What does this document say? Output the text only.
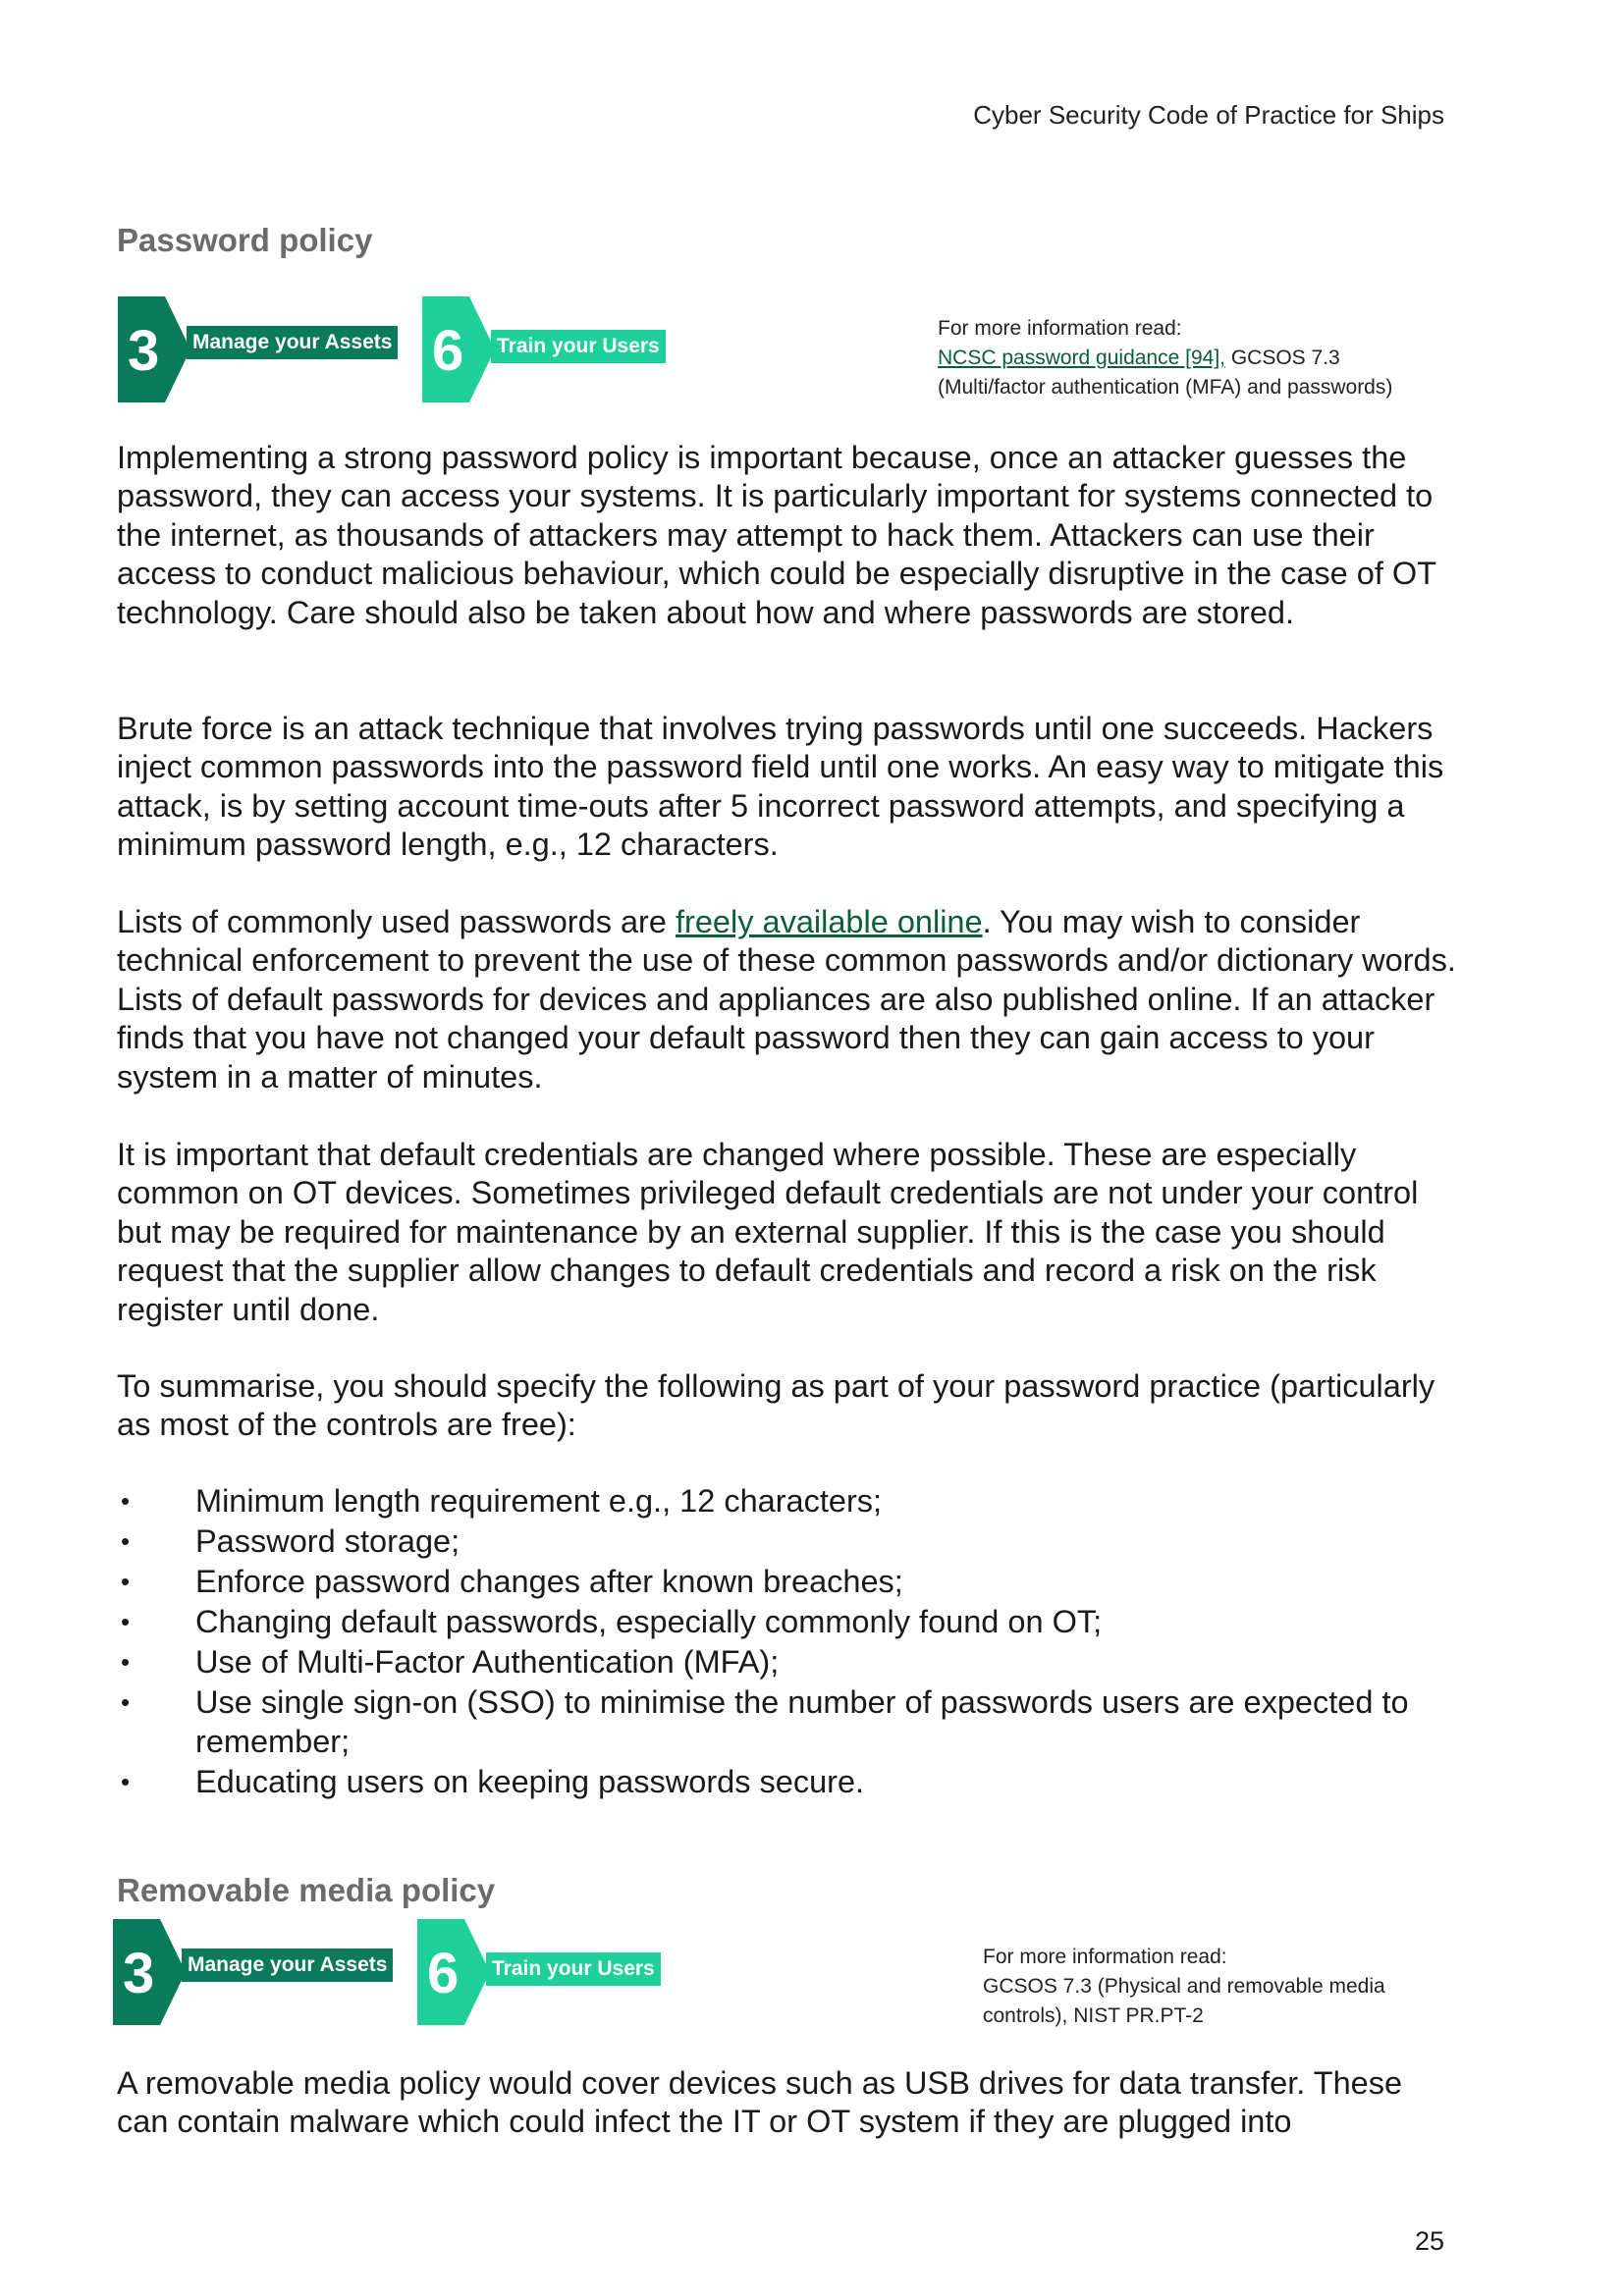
Cyber Security Code of Practice for Ships
Password policy
3 Manage your Assets 6 Train your Users
For more information read:
NCSC password guidance [94], GCSOS 7.3
(Multi/factor authentication (MFA) and passwords)

Implementing a strong password policy is important because, once an attacker guesses the password, they can access your systems. It is particularly important for systems connected to the internet, as thousands of attackers may attempt to hack them. Attackers can use their access to conduct malicious behaviour, which could be especially disruptive in the case of OT technology. Care should also be taken about how and where passwords are stored.

Brute force is an attack technique that involves trying passwords until one succeeds. Hackers inject common passwords into the password field until one works. An easy way to mitigate this attack, is by setting account time-outs after 5 incorrect password attempts, and specifying a minimum password length, e.g., 12 characters.

Lists of commonly used passwords are freely available online. You may wish to consider technical enforcement to prevent the use of these common passwords and/or dictionary words. Lists of default passwords for devices and appliances are also published online. If an attacker finds that you have not changed your default password then they can gain access to your system in a matter of minutes.

It is important that default credentials are changed where possible. These are especially common on OT devices. Sometimes privileged default credentials are not under your control but may be required for maintenance by an external supplier. If this is the case you should request that the supplier allow changes to default credentials and record a risk on the risk register until done.

To summarise, you should specify the following as part of your password practice (particularly as most of the controls are free):

• Minimum length requirement e.g., 12 characters;
• Password storage;
• Enforce password changes after known breaches;
• Changing default passwords, especially commonly found on OT;
• Use of Multi-Factor Authentication (MFA);
• Use single sign-on (SSO) to minimise the number of passwords users are expected to remember;
• Educating users on keeping passwords secure.
Removable media policy
3 Manage your Assets 6 Train your Users
For more information read:
GCSOS 7.3 (Physical and removable media
controls), NIST PR.PT-2

A removable media policy would cover devices such as USB drives for data transfer. These can contain malware which could infect the IT or OT system if they are plugged into

25
